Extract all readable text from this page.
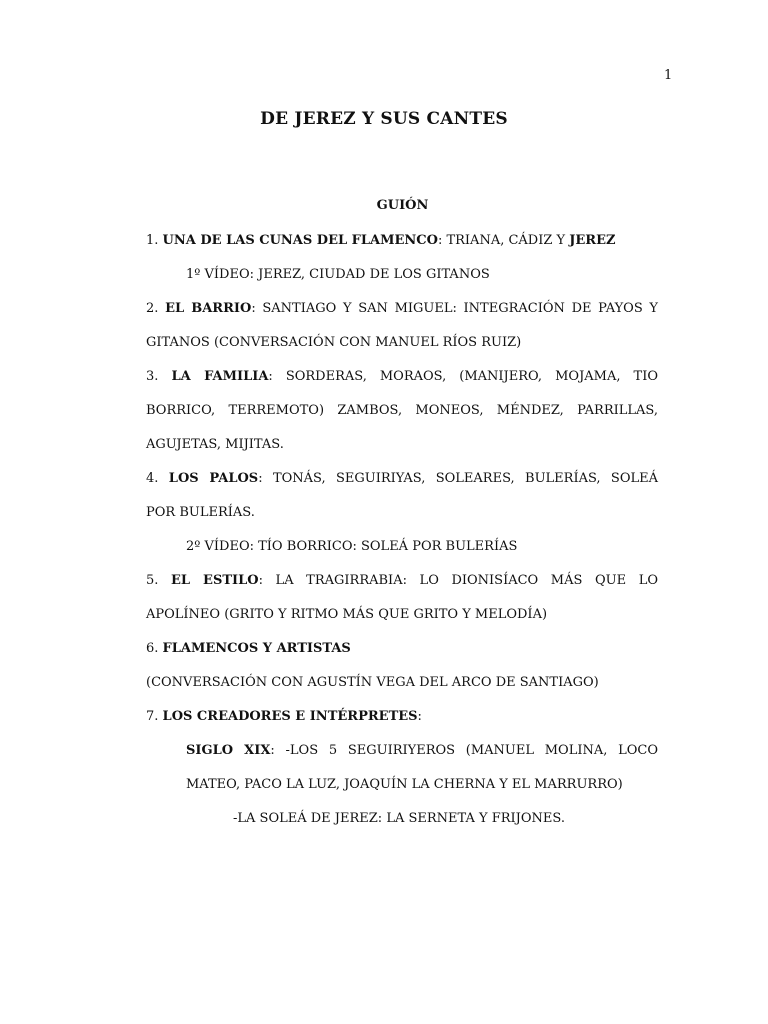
1
DE JEREZ Y SUS CANTES
GUIÓN
1. UNA DE LAS CUNAS DEL FLAMENCO: TRIANA, CÁDIZ Y JEREZ
1º VÍDEO: JEREZ, CIUDAD DE LOS GITANOS
2. EL BARRIO: SANTIAGO Y SAN MIGUEL: INTEGRACIÓN DE PAYOS Y
GITANOS (CONVERSACIÓN CON MANUEL RÍOS RUIZ)
3. LA FAMILIA: SORDERAS, MORAOS, (MANIJERO, MOJAMA, TIO
BORRICO, TERREMOTO) ZAMBOS, MONEOS, MÉNDEZ, PARRILLAS,
AGUJETAS, MIJITAS.
4. LOS PALOS: TONÁS, SEGUIRIYAS, SOLEARES, BULERÍAS, SOLEÁ
POR BULERÍAS.
2º VÍDEO: TÍO BORRICO: SOLEÁ POR BULERÍAS
5. EL ESTILO: LA TRAGIRRABIA: LO DIONISÍACO MÁS QUE LO
APOLÍNEO (GRITO Y RITMO MÁS QUE GRITO Y MELODÍA)
6. FLAMENCOS Y ARTISTAS
(CONVERSACIÓN CON AGUSTÍN VEGA DEL ARCO DE SANTIAGO)
7. LOS CREADORES E INTÉRPRETES:
SIGLO XIX: -LOS 5 SEGUIRIYEROS (MANUEL MOLINA, LOCO
MATEO, PACO LA LUZ, JOAQUÍN LA CHERNA Y EL MARRURRO)
-LA SOLEÁ DE JEREZ: LA SERNETA Y FRIJONES.
